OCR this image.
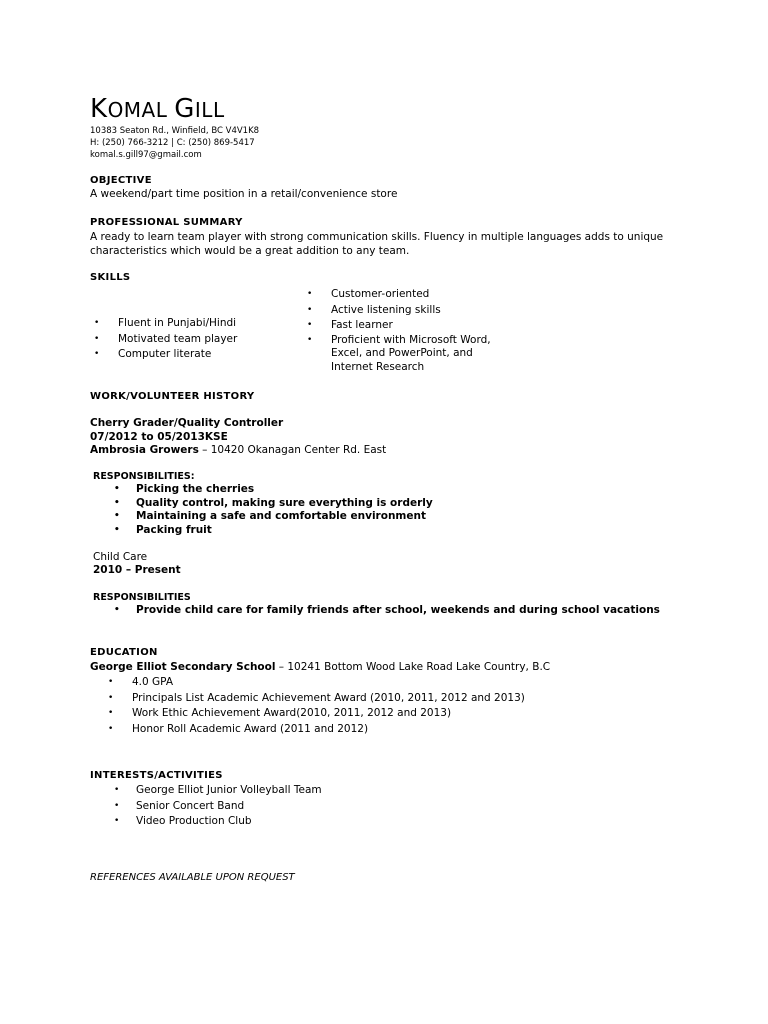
KOMAL GILL
10383 Seaton Rd., Winfield, BC V4V1K8
H: (250) 766-3212 | C: (250) 869-5417
komal.s.gill97@gmail.com
OBJECTIVE
A weekend/part time position in a retail/convenience store
PROFESSIONAL SUMMARY
A ready to learn team player with strong communication skills. Fluency in multiple languages adds to unique
characteristics which would be a great addition to any team.
SKILLS
• Fluent in Punjabi/Hindi
• Motivated team player
• Computer literate
• Customer-oriented
• Active listening skills
• Fast learner
• Proficient with Microsoft Word, Excel, and PowerPoint, and Internet Research
WORK/VOLUNTEER HISTORY
Cherry Grader/Quality Controller
07/2012 to 05/2013KSE
Ambrosia Growers – 10420 Okanagan Center Rd. East
RESPONSIBILITIES:
• Picking the cherries
• Quality control, making sure everything is orderly
• Maintaining a safe and comfortable environment
• Packing fruit
Child Care
2010 – Present
RESPONSIBILITIES
• Provide child care for family friends after school, weekends and during school vacations
EDUCATION
George Elliot Secondary School – 10241 Bottom Wood Lake Road Lake Country, B.C
• 4.0 GPA
• Principals List Academic Achievement Award (2010, 2011, 2012 and 2013)
• Work Ethic Achievement Award(2010, 2011, 2012 and 2013)
• Honor Roll Academic Award (2011 and 2012)
INTERESTS/ACTIVITIES
• George Elliot Junior Volleyball Team
• Senior Concert Band
• Video Production Club
REFERENCES AVAILABLE UPON REQUEST
